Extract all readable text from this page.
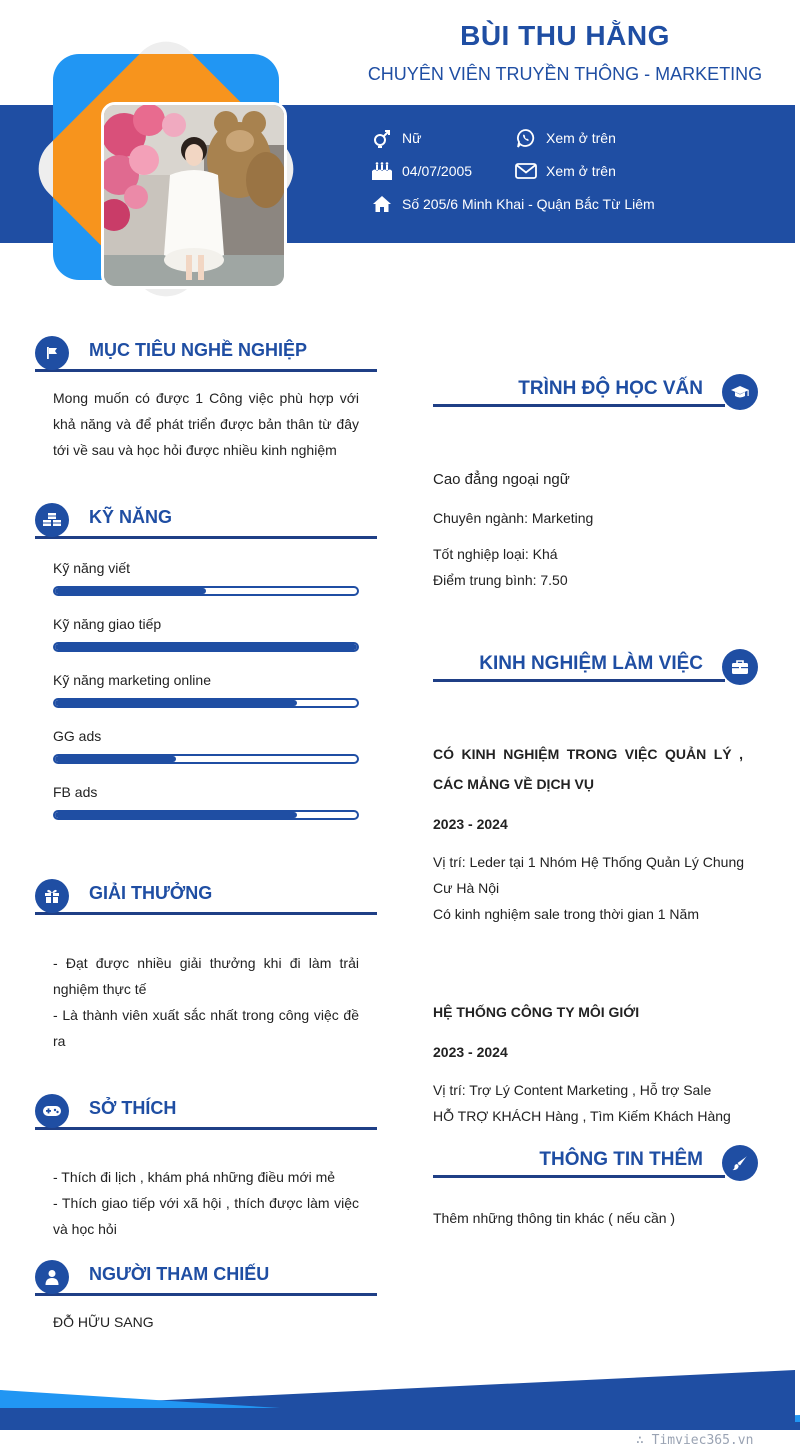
BÙI THU HẰNG
CHUYÊN VIÊN TRUYỀN THÔNG - MARKETING
Nữ
04/07/2005
Số 205/6 Minh Khai - Quận Bắc Từ Liêm
Xem ở trên
Xem ở trên
MỤC TIÊU NGHỀ NGHIỆP
Mong muốn có được 1 Công việc phù hợp với khả năng và để phát triển được bản thân từ đây tới về sau và học hỏi được nhiều kinh nghiệm
KỸ NĂNG
Kỹ năng viết
Kỹ năng giao tiếp
Kỹ năng marketing online
GG ads
FB ads
GIẢI THƯỞNG
- Đạt được nhiều giải thưởng khi đi làm trải nghiệm thực tế
- Là thành viên xuất sắc nhất trong công việc đề ra
SỞ THÍCH
- Thích đi lịch , khám phá những điều mới mẻ
- Thích giao tiếp với xã hội , thích được làm việc và học hỏi
NGƯỜI THAM CHIẾU
ĐỖ HỮU SANG
TRÌNH ĐỘ HỌC VẤN
Cao đẳng ngoại ngữ
Chuyên ngành: Marketing
Tốt nghiệp loại: Khá
Điểm trung bình: 7.50
KINH NGHIỆM LÀM VIỆC
CÓ KINH NGHIỆM TRONG VIỆC QUẢN LÝ , CÁC MẢNG VỀ DỊCH VỤ
2023 - 2024
Vị trí: Leder tại 1 Nhóm Hệ Thống Quản Lý Chung Cư Hà Nội
Có kinh nghiệm sale trong thời gian 1 Năm
HỆ THỐNG CÔNG TY MÔI GIỚI
2023 - 2024
Vị trí: Trợ Lý Content Marketing , Hỗ trợ Sale
HỖ TRỢ KHÁCH Hàng , Tìm Kiếm Khách Hàng
THÔNG TIN THÊM
Thêm những thông tin khác ( nếu cần )
∴ Timviec365.vn
